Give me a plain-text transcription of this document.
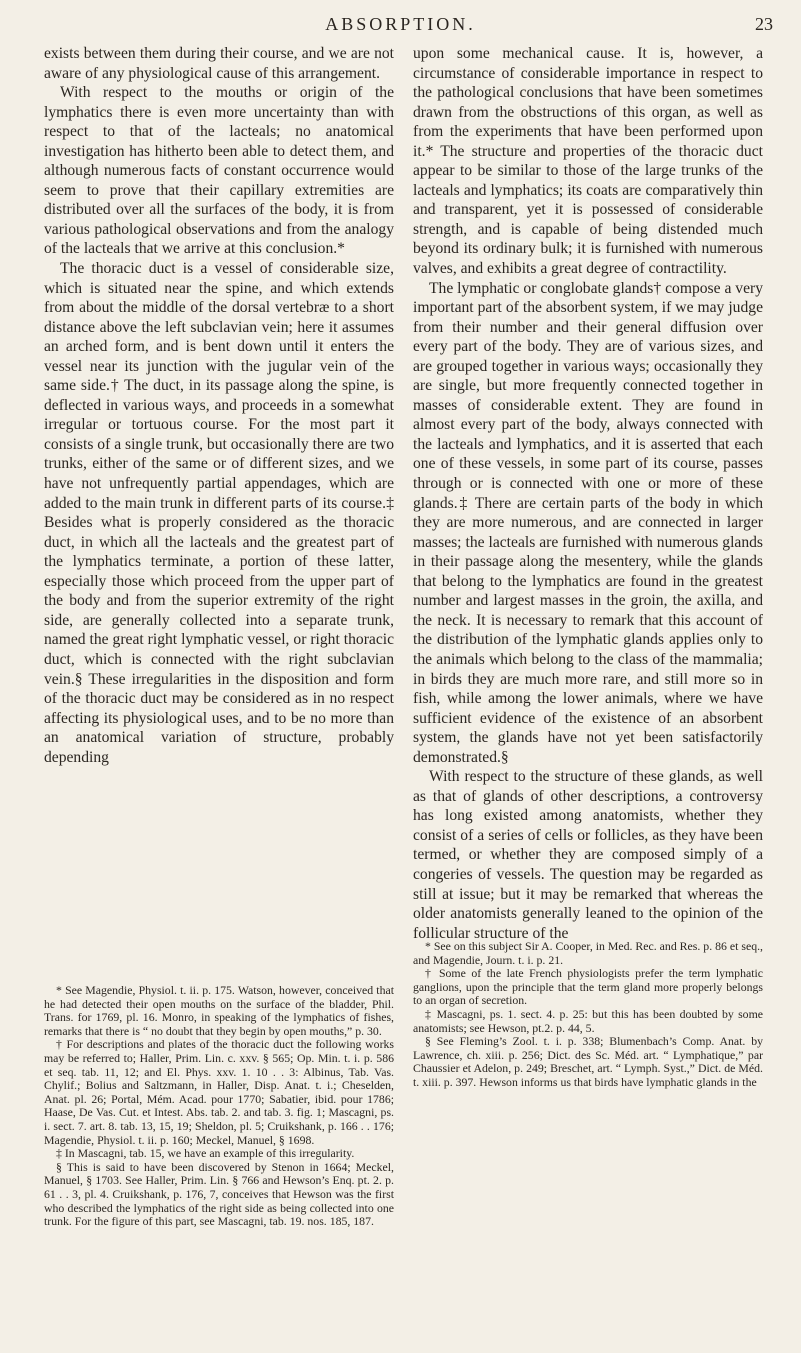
ABSORPTION.	23

exists between them during their course, and we are not aware of any physiological cause of this arrangement.

With respect to the mouths or origin of the lymphatics there is even more uncertainty than with respect to that of the lacteals; no anatomical investigation has hitherto been able to detect them, and although numerous facts of constant occurrence would seem to prove that their capillary extremities are distributed over all the surfaces of the body, it is from various pathological observations and from the analogy of the lacteals that we arrive at this conclusion.*

The thoracic duct is a vessel of considerable size, which is situated near the spine, and which extends from about the middle of the dorsal vertebræ to a short distance above the left subclavian vein; here it assumes an arched form, and is bent down until it enters the vessel near its junction with the jugular vein of the same side.† The duct, in its passage along the spine, is deflected in various ways, and proceeds in a somewhat irregular or tortuous course. For the most part it consists of a single trunk, but occasionally there are two trunks, either of the same or of different sizes, and we have not unfrequently partial appendages, which are added to the main trunk in different parts of its course.‡ Besides what is properly considered as the thoracic duct, in which all the lacteals and the greatest part of the lymphatics terminate, a portion of these latter, especially those which proceed from the upper part of the body and from the superior extremity of the right side, are generally collected into a separate trunk, named the great right lymphatic vessel, or right thoracic duct, which is connected with the right subclavian vein.§ These irregularities in the disposition and form of the thoracic duct may be considered as in no respect affecting its physiological uses, and to be no more than an anatomical variation of structure, probably depending

* See Magendie, Physiol. t. ii. p. 175. Watson, however, conceived that he had detected their open mouths on the surface of the bladder, Phil. Trans. for 1769, pl. 16. Monro, in speaking of the lymphatics of fishes, remarks that there is “ no doubt that they begin by open mouths,” p. 30.

† For descriptions and plates of the thoracic duct the following works may be referred to; Haller, Prim. Lin. c. xxv. § 565; Op. Min. t. i. p. 586 et seq. tab. 11, 12; and El. Phys. xxv. 1. 10 . . 3: Albinus, Tab. Vas. Chylif.; Bolius and Saltzmann, in Haller, Disp. Anat. t. i.; Cheselden, Anat. pl. 26; Portal, Mém. Acad. pour 1770; Sabatier, ibid. pour 1786; Haase, De Vas. Cut. et Intest. Abs. tab. 2. and tab. 3. fig. 1; Mascagni, ps. i. sect. 7. art. 8. tab. 13, 15, 19; Sheldon, pl. 5; Cruikshank, p. 166 . . 176; Magendie, Physiol. t. ii. p. 160; Meckel, Manuel, § 1698.

‡ In Mascagni, tab. 15, we have an example of this irregularity.

§ This is said to have been discovered by Stenon in 1664; Meckel, Manuel, § 1703. See Haller, Prim. Lin. § 766 and Hewson’s Enq. pt. 2. p. 61 . . 3, pl. 4. Cruikshank, p. 176, 7, conceives that Hewson was the first who described the lymphatics of the right side as being collected into one trunk. For the figure of this part, see Mascagni, tab. 19. nos. 185, 187.

upon some mechanical cause. It is, however, a circumstance of considerable importance in respect to the pathological conclusions that have been sometimes drawn from the obstructions of this organ, as well as from the experiments that have been performed upon it.* The structure and properties of the thoracic duct appear to be similar to those of the large trunks of the lacteals and lymphatics; its coats are comparatively thin and transparent, yet it is possessed of considerable strength, and is capable of being distended much beyond its ordinary bulk; it is furnished with numerous valves, and exhibits a great degree of contractility.

The lymphatic or conglobate glands† compose a very important part of the absorbent system, if we may judge from their number and their general diffusion over every part of the body. They are of various sizes, and are grouped together in various ways; occasionally they are single, but more frequently connected together in masses of considerable extent. They are found in almost every part of the body, always connected with the lacteals and lymphatics, and it is asserted that each one of these vessels, in some part of its course, passes through or is connected with one or more of these glands.‡ There are certain parts of the body in which they are more numerous, and are connected in larger masses; the lacteals are furnished with numerous glands in their passage along the mesentery, while the glands that belong to the lymphatics are found in the greatest number and largest masses in the groin, the axilla, and the neck. It is necessary to remark that this account of the distribution of the lymphatic glands applies only to the animals which belong to the class of the mammalia; in birds they are much more rare, and still more so in fish, while among the lower animals, where we have sufficient evidence of the existence of an absorbent system, the glands have not yet been satisfactorily demonstrated.§

With respect to the structure of these glands, as well as that of glands of other descriptions, a controversy has long existed among anatomists, whether they consist of a series of cells or follicles, as they have been termed, or whether they are composed simply of a congeries of vessels. The question may be regarded as still at issue; but it may be remarked that whereas the older anatomists generally leaned to the opinion of the follicular structure of the

* See on this subject Sir A. Cooper, in Med. Rec. and Res. p. 86 et seq., and Magendie, Journ. t. i. p. 21.

† Some of the late French physiologists prefer the term lymphatic ganglions, upon the principle that the term gland more properly belongs to an organ of secretion.

‡ Mascagni, ps. 1. sect. 4. p. 25: but this has been doubted by some anatomists; see Hewson, pt.2. p. 44, 5.

§ See Fleming’s Zool. t. i. p. 338; Blumenbach’s Comp. Anat. by Lawrence, ch. xiii. p. 256; Dict. des Sc. Méd. art. “ Lymphatique,” par Chaussier et Adelon, p. 249; Breschet, art. “ Lymph. Syst.,” Dict. de Méd. t. xiii. p. 397. Hewson informs us that birds have lymphatic glands in the
